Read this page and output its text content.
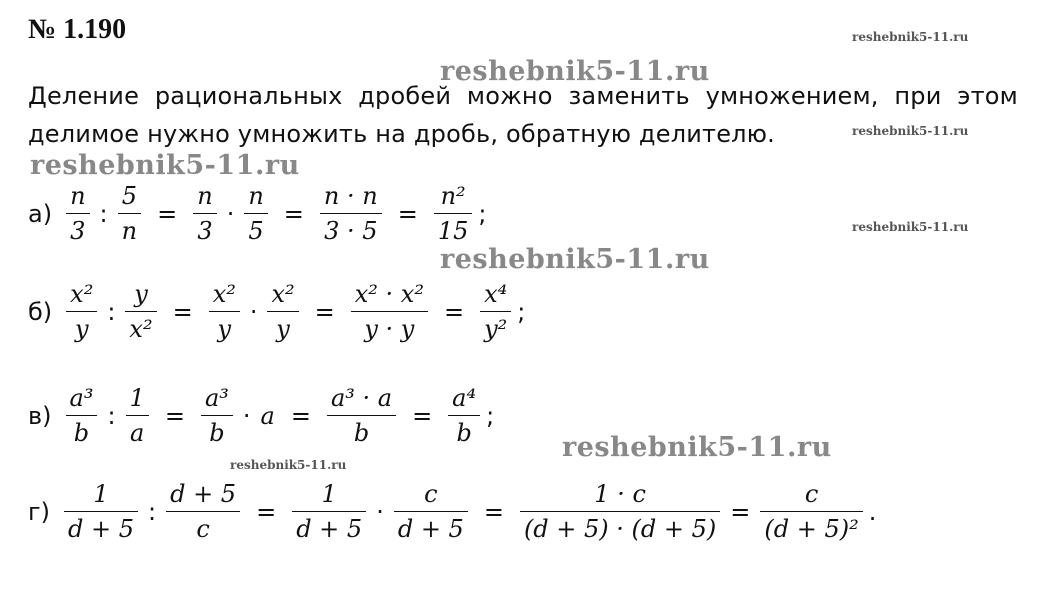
№ 1.190	reshebnik5-11.ru
reshebnik5-11.ru
reshebnik5-11.ru
reshebnik5-11.ru
reshebnik5-11.ru
reshebnik5-11.ru
reshebnik5-11.ru
reshebnik5-11.ru
Деление рациональных дробей можно заменить умножением, при этом
делимое нужно умножить на дробь, обратную делителю.
$а) \frac{n}{3}$ : $\frac{5}{n} = \frac{n}{3} \cdot \frac{n}{5} = \frac{n \cdot n}{3 \cdot 5} = \frac{\text{n²}}{15}$ ;
$б) \frac{\text{x²}}{y}$ : $\frac{y}{\text{x²}} = \frac{\text{x²}}{y} \cdot \frac{\text{x²}}{y} = \frac{\text{x² · x²}}{y \cdot y} = \frac{\text{x⁴}}{\text{y²}}$ ;
$в) \frac{\text{a³}}{b}$ : $\frac{1}{a} = \frac{\text{a³}}{b} \cdot a = \frac{\text{a³ · a}}{b} = \frac{\text{a⁴}}{b}$ ;
$г) \frac{1}{d + 5}$ : $\frac{d + 5}{c} = \frac{1}{d + 5} \cdot \frac{c}{d + 5} = \frac{1 \cdot c}{(d + 5) \cdot (d + 5)} = \frac{c}{\text{(d + 5)²}}$ .
